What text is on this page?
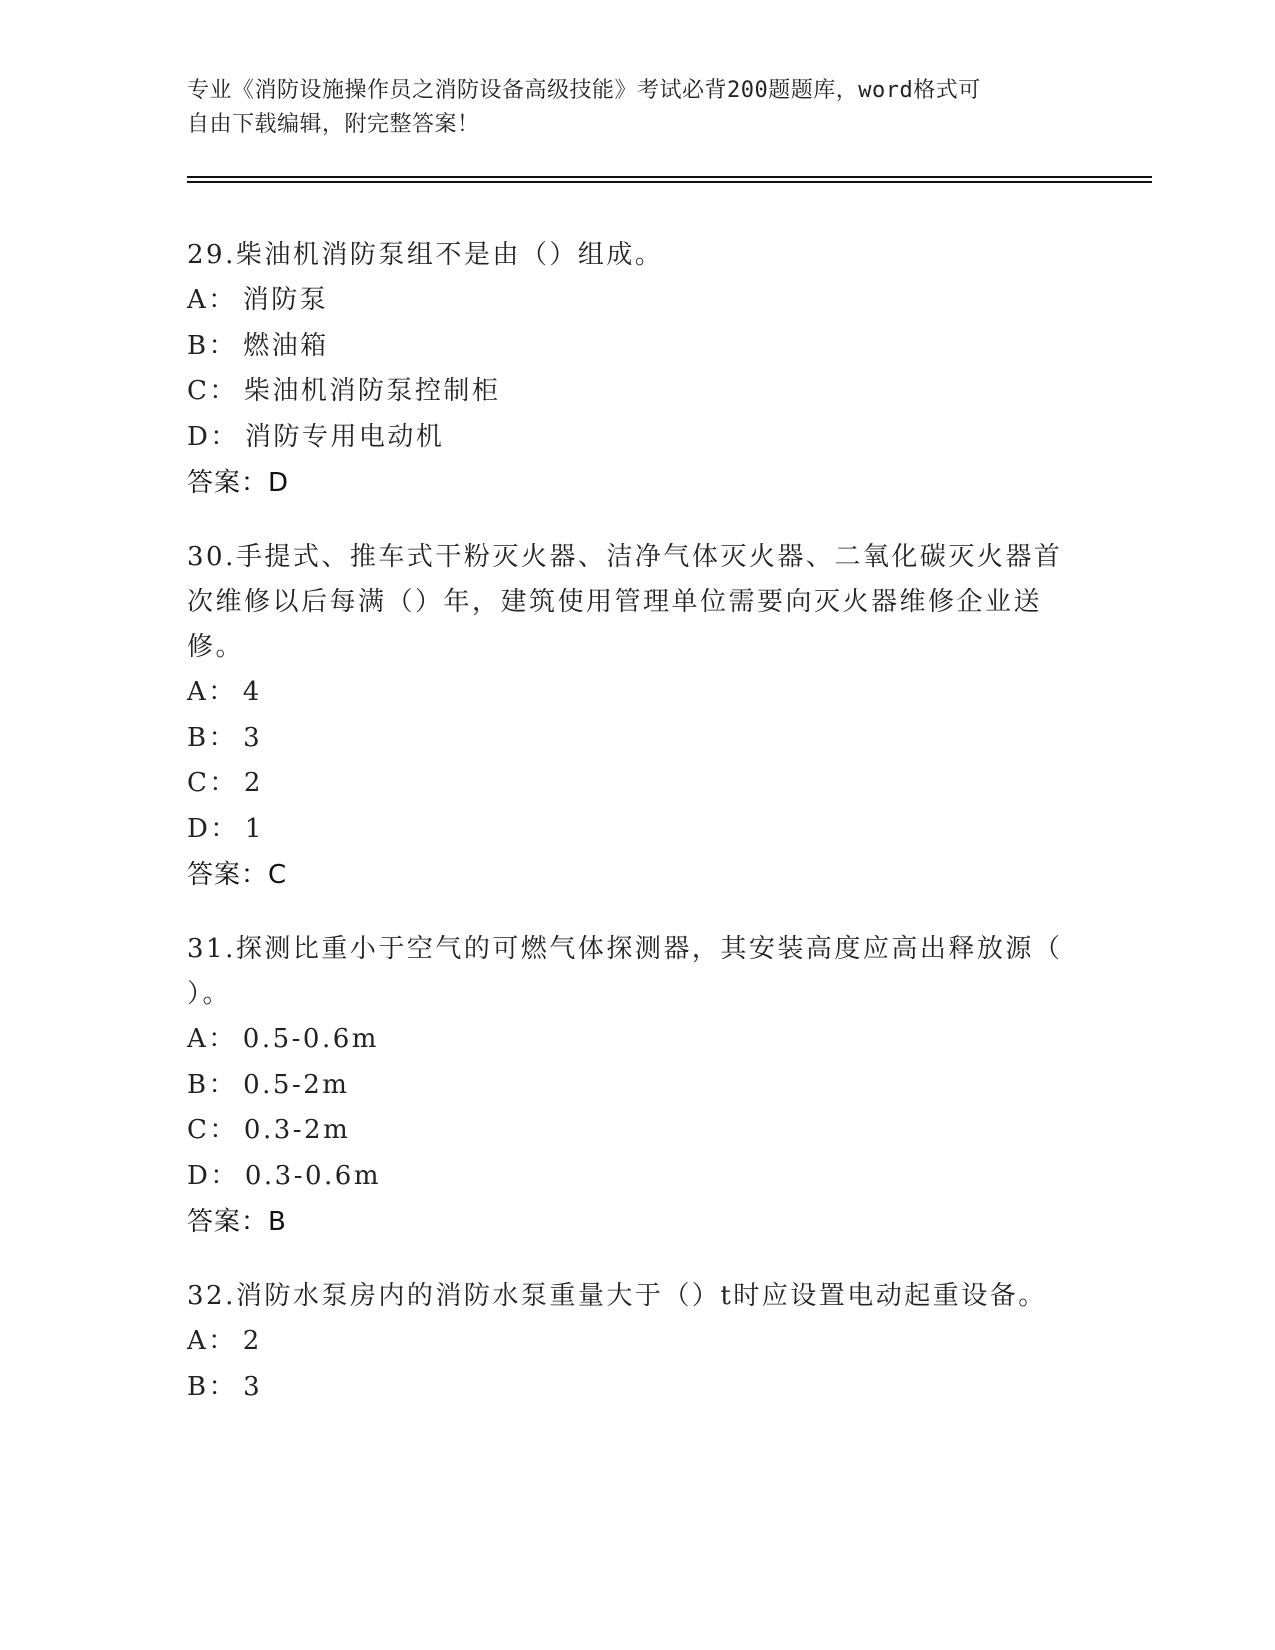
专业《消防设施操作员之消防设备高级技能》考试必背200题题库，word格式可
自由下载编辑，附完整答案！
29.柴油机消防泵组不是由（）组成。
A： 消防泵
B： 燃油箱
C： 柴油机消防泵控制柜
D： 消防专用电动机
答案：D
30.手提式、推车式干粉灭火器、洁净气体灭火器、二氧化碳灭火器首
次维修以后每满（）年，建筑使用管理单位需要向灭火器维修企业送
修。
A： 4
B： 3
C： 2
D： 1
答案：C
31.探测比重小于空气的可燃气体探测器，其安装高度应高出释放源（
）。
A： 0.5-0.6m
B： 0.5-2m
C： 0.3-2m
D： 0.3-0.6m
答案：B
32.消防水泵房内的消防水泵重量大于（）t时应设置电动起重设备。
A： 2
B： 3
